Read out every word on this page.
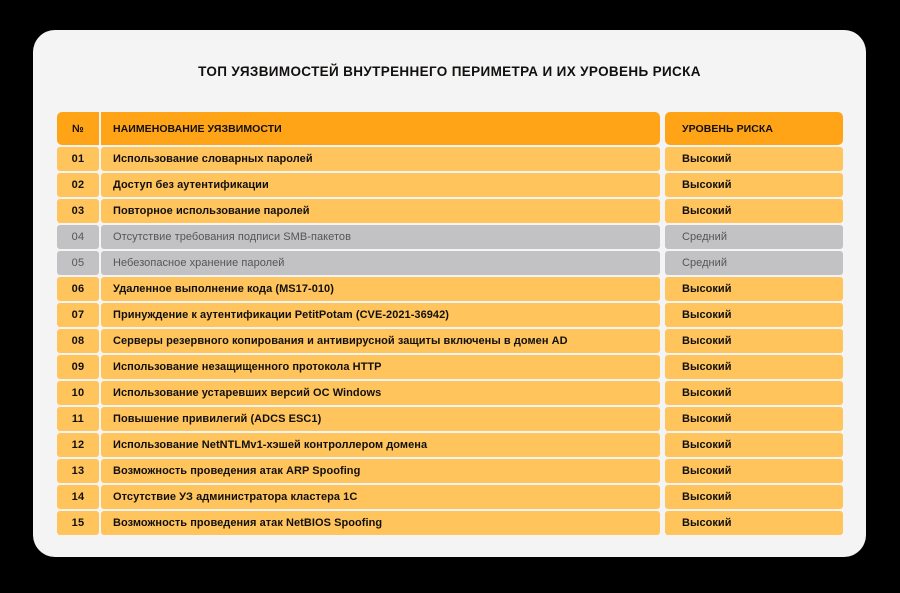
ТОП УЯЗВИМОСТЕЙ ВНУТРЕННЕГО ПЕРИМЕТРА И ИХ УРОВЕНЬ РИСКА
№	НАИМЕНОВАНИЕ УЯЗВИМОСТИ	УРОВЕНЬ РИСКА
01	Использование словарных паролей	Высокий
02	Доступ без аутентификации	Высокий
03	Повторное использование паролей	Высокий
04	Отсутствие требования подписи SMB-пакетов	Средний
05	Небезопасное хранение паролей	Средний
06	Удаленное выполнение кода (MS17-010)	Высокий
07	Принуждение к аутентификации PetitPotam (CVE-2021-36942)	Высокий
08	Серверы резервного копирования и антивирусной защиты включены в домен AD	Высокий
09	Использование незащищенного протокола HTTP	Высокий
10	Использование устаревших версий ОС Windows	Высокий
11	Повышение привилегий (ADCS ESC1)	Высокий
12	Использование NetNTLMv1-хэшей контроллером домена	Высокий
13	Возможность проведения атак ARP Spoofing	Высокий
14	Отсутствие УЗ администратора кластера 1С	Высокий
15	Возможность проведения атак NetBIOS Spoofing	Высокий
